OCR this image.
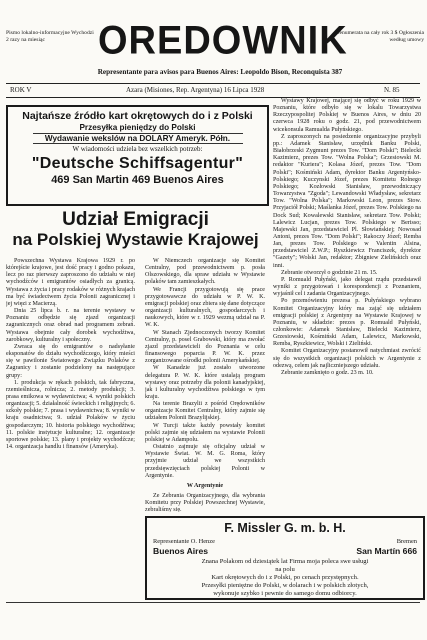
Pismo lokalno-informacyjne Wychodzi 2 razy na miesiąc	OREDOWNIK
Prenumerata na cały rok 3 $ Ogłoszenia według umowy
Representante para avisos para Buenos Aires: Leopoldo Bison, Reconquista 387
ROK V	Azara (Misiones, Rep. Argentyna) 16 Lipca 1928	N. 85
Najtańsze źródło kart okrętowych do i z Polski
Przesyłka pieniędzy do Polski
Wydawanie wekslów na DOLARY Ameryk. Półn.
W wiadomości udziela bez wszelkich potrzeb:
"Deutsche Schiffsagentur"
469 San Martin 469 Buenos Aires
Udział Emigracji
na Polskiej Wystawie Krajowej

Powszechna Wystawa Krajowa 1929 r. po którejście krajowe, jest dość pracy i godno pokazu, lecz po raz pierwszy zaproszono do udziału w niej wychodźców i emigrantów osiadłych za granicą. Wystawa z życia i pracy rodaków w różnych krajach ma być świadectwem życia Polonii zagranicznej i jej więzi z Macierzą.

Dnia 25 lipca b. r. na terenie wystawy w Poznaniu odbędzie się zjazd organizacji zagranicznych oraz obrad nad programem zebrań. Wystawa obejmie cały dorobek wychodźtwa, zarobkowy, kulturalny i społeczny.

Zwraca się do emigrantów o nadsyłanie eksponatów do działu wychodźczego, który mieści się w pawilonie Światowego Związku Polaków z Zagranicy i zostanie podzielony na następujące grupy:

1. produkcja w rękach polskich, tak fabryczna, rzemieślnicza, rolnicza; 2. metody produkcji; 3. prasa emikowa w wydawnictwa; 4. wyniki polskich organizacji; 5. działalność świeckich i religijnych; 6. szkoły polskie; 7. prasa i wydawnictwa; 8. wyniki w kraju osadnictwa; 9. udział Polaków w życiu gospodarczym; 10. historia polskiego wychodźtwa; 11. polskie instytucje kulturalne; 12. organizacje sportowe polskie; 13. plany i projekty wychodźcze; 14. organizacja handlu i finansów (Ameryka).

W Niemczech organizacje się Komitet Centralny, pod przewodnictwem p. posła Olszowskiego, dla spraw udziału w Wystawie polaków tam zamieszkałych.

We Francji przygotowują się prace przygotowawcze do udziału w P. W. K. emigracji polskiej oraz zbiera się dane dotyczące organizacji kulturalnych, gospodarczych i naukowych, które w r. 1929 wezmą udział na P. W. K.

W Stanach Zjednoczonych tworzy Komitet Centralny, p. posel Grabowski, który ma zwołać zjazd przedstawicieli do Poznania w celu finansowego poparcia P. W. K. przez zorganizowane ośrodki polonii Amerykańskiej.

W Kanadzie już zostało utworzone delegatura P. W. K. które ustalają program wystawy oraz potrzeby dla polonii kanadyjskiej, jak i kulturalny wychodźtwa polskiego w tym kraju.

Na terenie Brazylii z pośród Orędowników organizacje Komitet Centralny, który zajmie się udziałem Polonii Brazylijskiej.

W Turcji także każdy powstały komitet polski zajmie się udziałem na wystawie Polonii polskiej w Adampolu.

Ostatnio zajmuje się oficjalny udział w Wystawie Świat. W. M. G. Roma, który przyjmie udział we wszystkich przedsięwzięciach polskiej Polonii w Argentynie.

W Argentynie

Ze Zebrania Organizacyjnego, dla wybrania Komitetu przy Polskiej Powszechnej Wystawie, zebraliśmy się.

Wystawy Krajowej, mającej się odbyć w roku 1929 w Poznaniu, które odbyło się w lokalu Towarzystwa Rzeczypospolitej Polskiej w Buenos Aires, w dniu 20 czerwca 1928 roku o godz. 21, pod przewodnictwem wicekonsula Ramualda Pułyńskiego.

Z zaproszonych na posiedzenie organizacyjne przybyli pp.: Adamek Stanisław, urzędnik Banku Polski, Białobrzeski Zygmunt prezes Tow. "Dom Polski"; Bielecki Kazimierz, prezes Tow. "Wolna Polska"; Grzesiowski M. redaktor "Kuriera"; Kolasa Józef, prezes Tow. "Dom Polski"; Kośmiński Adam, dyrektor Banku Argentyńsko-Polskiego; Kuczynski Józef, prezes Komitetu Rolnego Polskiego; Kozłowski Stanisław, przewodniczący Towarzystwa "Zgoda"; Lewandowski Władysław, sekretarz Tow. "Wolna Polska"; Markowski Leon, prezes Stow. Przyjaciół Polski; Maślanka Józef, prezes Tow. Polskiego na Dock Sud; Kowalewski Stanisław, sekretarz Tow. Polski; Lalewicz Lucjan, prezes Tow. Polskiego w Berisso; Majewski Jan, przedstawiciel Pl. Słowiańskiej; Nowosad Antoni, prezes Tow. "Dom Polski"; Rakoczy Józef; Remba Jan, prezes Tow. Polskiego w Valentin Alsina, przedstawiciel Z.W.P.; Ryszkiewicz Franciszek, dyrektor "Gazety"; Wolski Jan, redaktor; Zbigniew Zielińskich oraz inni.

Zebranie otworzył o godzinie 21 m. 15.

P. Romuald Pułyński, jako delegat rządu przedstawił wyniki z przygotowań i korespondencji z Poznaniem, wyjaśnił cel i zadania Organizacyjnego.

Po przemówieniu prezesa p. Pułyńskiego wybrano Komitet Organizacyjny który ma zająć się udziałem emigracji polskiej z Argentyny na Wystawie Krajowej w Poznaniu, w składzie: prezes p. Romuald Pułyński, członkowie: Adamek Stanisław, Bielecki Kazimierz, Grzesiowski, Kośmiński Adam, Lalewicz, Markowski, Remba, Ryszkiewicz, Wolski i Zieliński.

Komitet Organizacyjny postanowił natychmiast zwrócić się do wszystkich organizacji polskich w Argentynie z odezwą, celem jak najliczniejszego udziału.

Zebranie zamknięto o godz. 23 m. 10.

F. Missler G. m. b. H.
Representante O. Henze	Bremen
Buenos Aires	San Martín 666
Znana Polakom od dziesiątek lat Firma moja poleca swe usługi
na polu
Kart okrętowych do i z Polski, po cenach przystępnych.
Przesyłki pieniężne do Polski, w dolarach i w polskich złotych,
wykonuje szybko i pewnie do samego domu odbiorcy.
